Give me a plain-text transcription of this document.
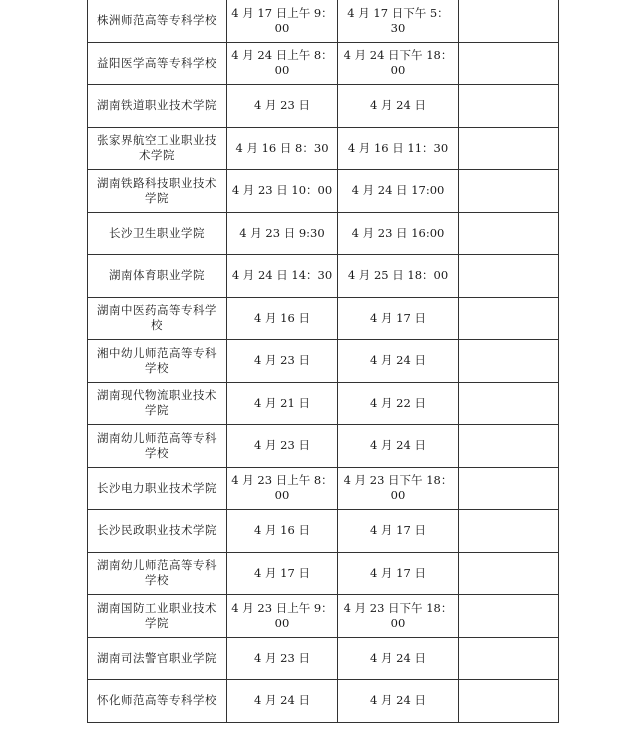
株洲师范高等专科学校	4 月 17 日上午 9：00	4 月 17 日下午 5：30	
益阳医学高等专科学校	4 月 24 日上午 8：00	4 月 24 日下午 18：00	
湖南铁道职业技术学院	4 月 23 日	4 月 24 日	
张家界航空工业职业技术学院	4 月 16 日 8：30	4 月 16 日 11：30	
湖南铁路科技职业技术学院	4 月 23 日 10：00	4 月 24 日 17:00	
长沙卫生职业学院	4 月 23 日 9:30	4 月 23 日 16:00	
湖南体育职业学院	4 月 24 日 14：30	4 月 25 日 18：00	
湖南中医药高等专科学校	4 月 16 日	4 月 17 日	
湘中幼儿师范高等专科学校	4 月 23 日	4 月 24 日	
湖南现代物流职业技术学院	4 月 21 日	4 月 22 日	
湖南幼儿师范高等专科学校	4 月 23 日	4 月 24 日	
长沙电力职业技术学院	4 月 23 日上午 8：00	4 月 23 日下午 18：00	
长沙民政职业技术学院	4 月 16 日	4 月 17 日	
湖南幼儿师范高等专科学校	4 月 17 日	4 月 17 日	
湖南国防工业职业技术学院	4 月 23 日上午 9：00	4 月 23 日下午 18：00	
湖南司法警官职业学院	4 月 23 日	4 月 24 日	
怀化师范高等专科学校	4 月 24 日	4 月 24 日	
